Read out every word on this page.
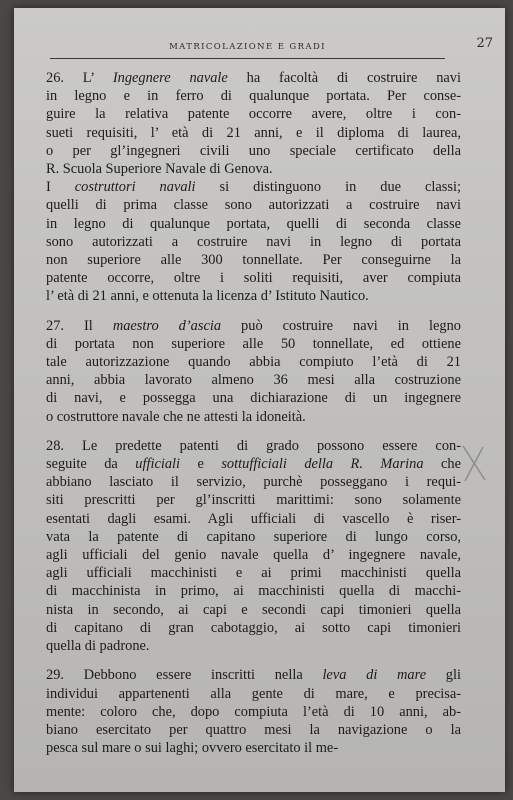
MATRICOLAZIONE E GRADI	27
26. L’ Ingegnere navale ha facoltà di costruire navi
in legno e in ferro di qualunque portata. Per conse-
guire la relativa patente occorre avere, oltre i con-
sueti requisiti, l’ età di 21 anni, e il diploma di laurea,
o per gl’ingegneri civili uno speciale certificato della
R. Scuola Superiore Navale di Genova.
I costruttori navali si distinguono in due classi;
quelli di prima classe sono autorizzati a costruire navi
in legno di qualunque portata, quelli di seconda classe
sono autorizzati a costruire navi in legno di portata
non superiore alle 300 tonnellate. Per conseguirne la
patente occorre, oltre i soliti requisiti, aver compiuta
l’ età di 21 anni, e ottenuta la licenza d’ Istituto Nautico.
27. Il maestro d’ascia può costruire navi in legno
di portata non superiore alle 50 tonnellate, ed ottiene
tale autorizzazione quando abbia compiuto l’età di 21
anni, abbia lavorato almeno 36 mesi alla costruzione
di navi, e possegga una dichiarazione di un ingegnere
o costruttore navale che ne attesti la idoneità.
28. Le predette patenti di grado possono essere con-
seguite da ufficiali e sottufficiali della R. Marina che
abbiano lasciato il servizio, purchè posseggano i requi-
siti prescritti per gl’inscritti marittimi: sono solamente
esentati dagli esami. Agli ufficiali di vascello è riser-
vata la patente di capitano superiore di lungo corso,
agli ufficiali del genio navale quella d’ ingegnere navale,
agli ufficiali macchinisti e ai primi macchinisti quella
di macchinista in primo, ai macchinisti quella di macchi-
nista in secondo, ai capi e secondi capi timonieri quella
di capitano di gran cabotaggio, ai sotto capi timonieri
quella di padrone.
29. Debbono essere inscritti nella leva di mare gli
individui appartenenti alla gente di mare, e precisa-
mente: coloro che, dopo compiuta l’età di 10 anni, ab-
biano esercitato per quattro mesi la navigazione o la
pesca sul mare o sui laghi; ovvero esercitato il me-
